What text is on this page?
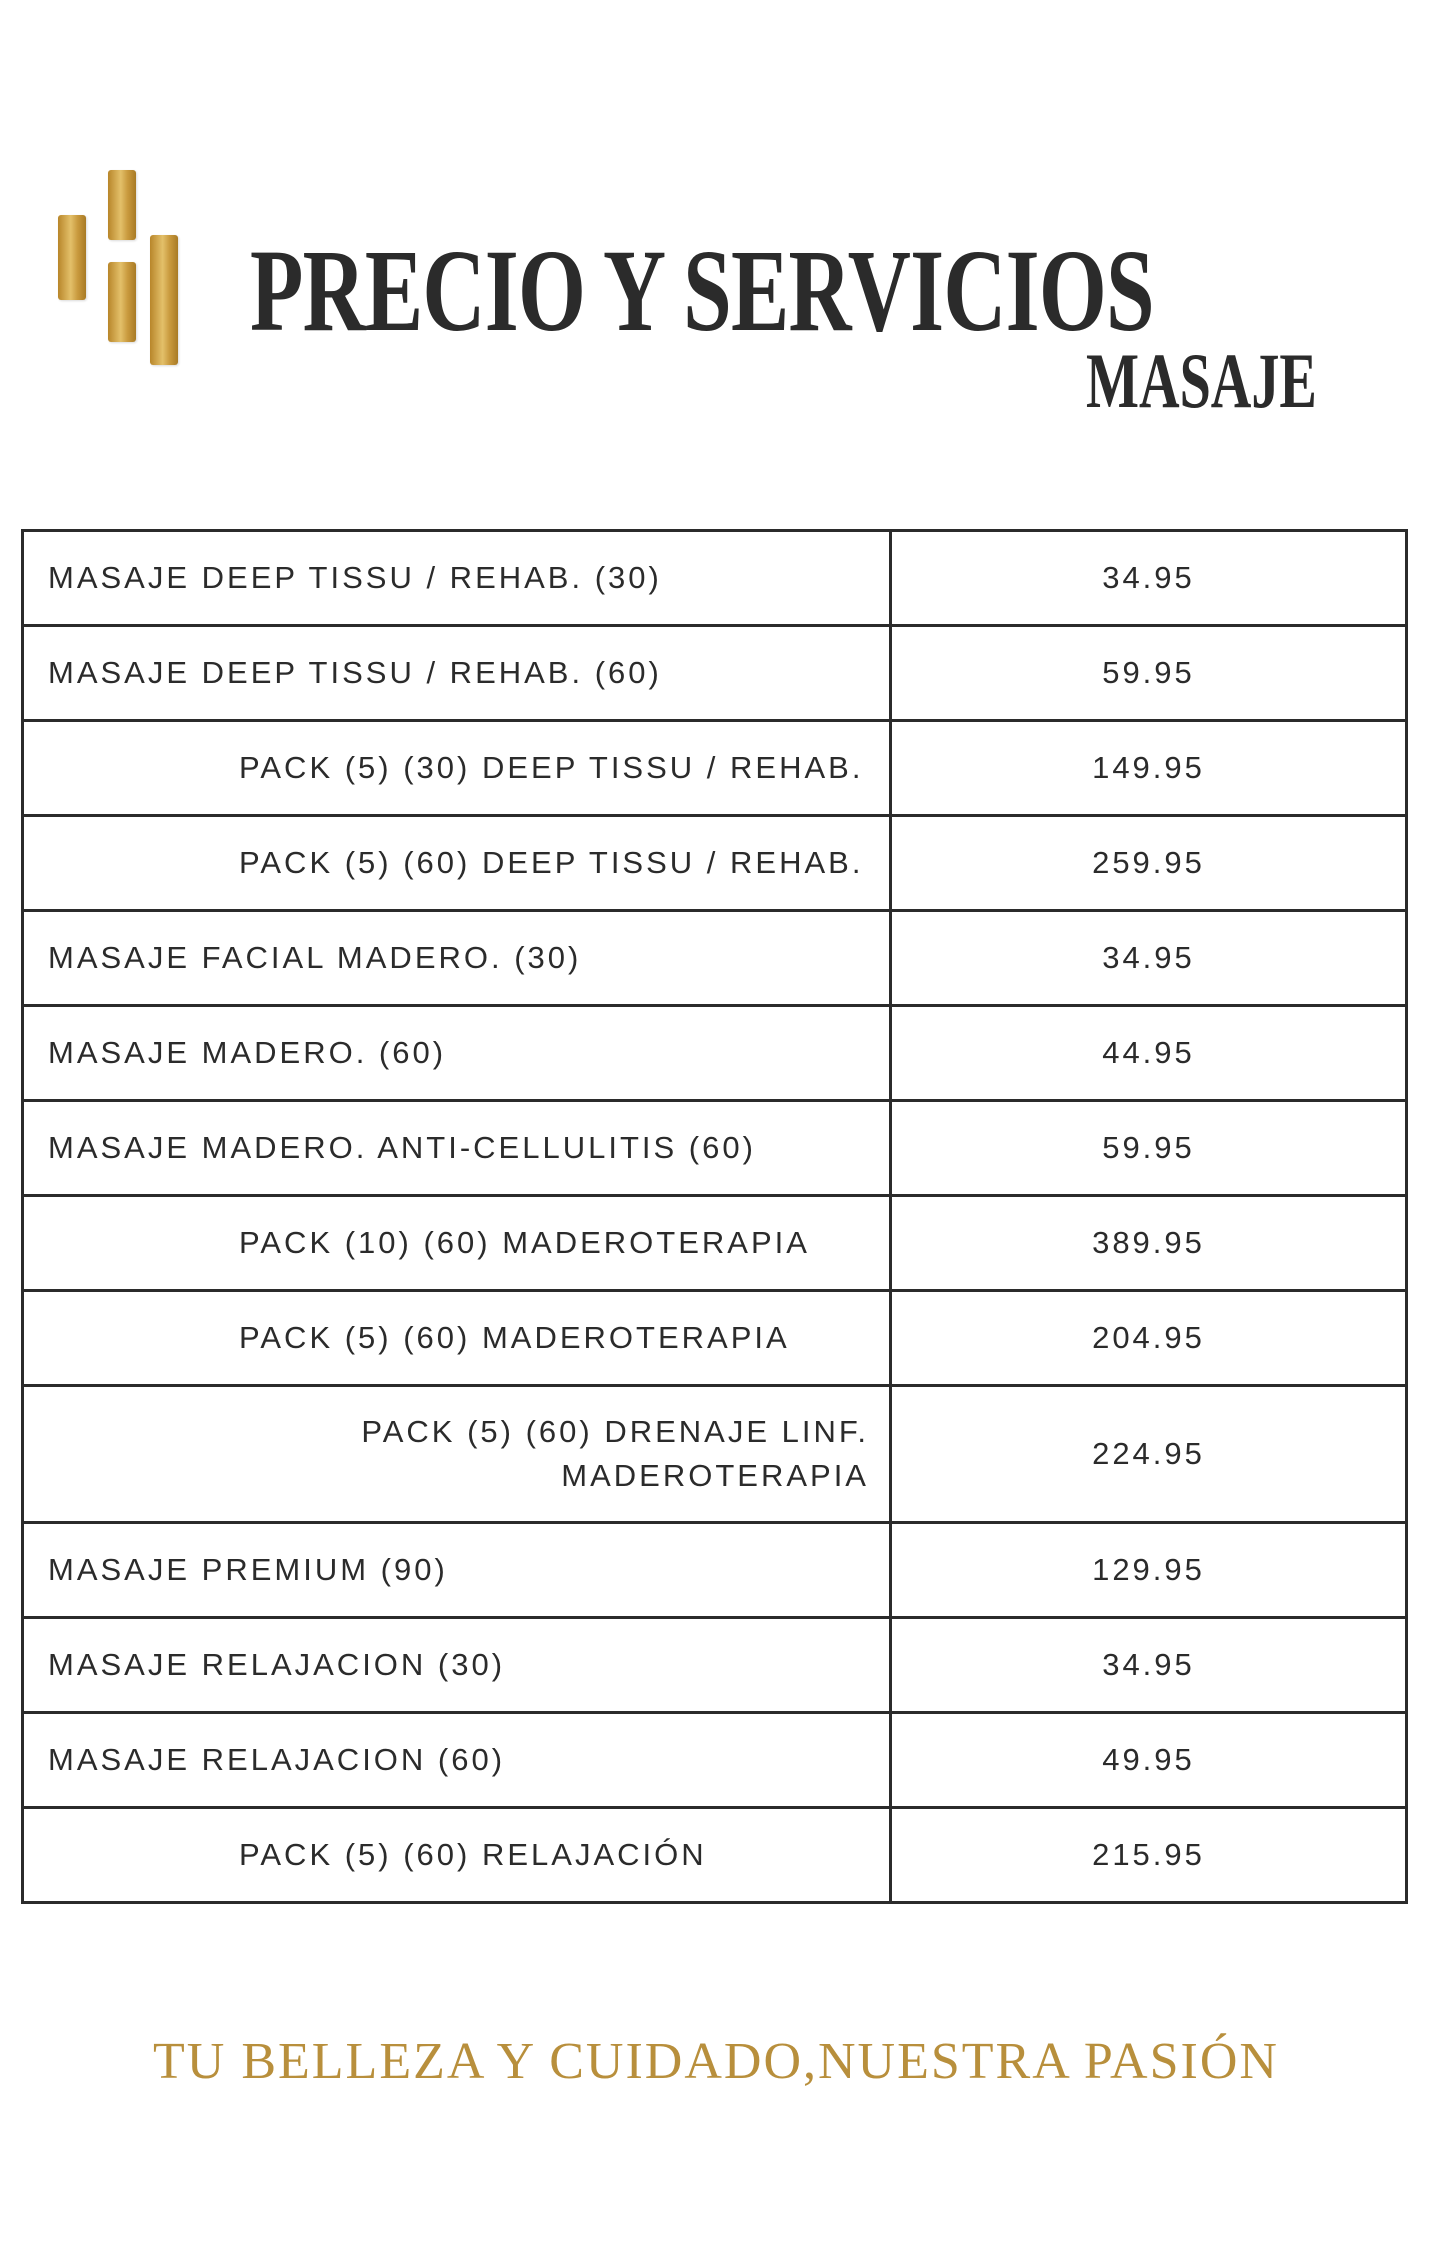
PRECIO Y SERVICIOS
MASAJE
MASAJE DEEP TISSU / REHAB. (30)	34.95
MASAJE DEEP TISSU / REHAB. (60)	59.95
PACK (5) (30) DEEP TISSU / REHAB.	149.95
PACK (5) (60) DEEP TISSU / REHAB.	259.95
MASAJE FACIAL MADERO. (30)	34.95
MASAJE MADERO. (60)	44.95
MASAJE MADERO. ANTI-CELLULITIS (60)	59.95
PACK (10) (60) MADEROTERAPIA	389.95
PACK (5) (60) MADEROTERAPIA	204.95
PACK (5) (60) DRENAJE LINF. MADEROTERAPIA	224.95
MASAJE PREMIUM (90)	129.95
MASAJE RELAJACION (30)	34.95
MASAJE RELAJACION (60)	49.95
PACK (5) (60) RELAJACIÓN	215.95

TU BELLEZA Y CUIDADO,NUESTRA PASIÓN
